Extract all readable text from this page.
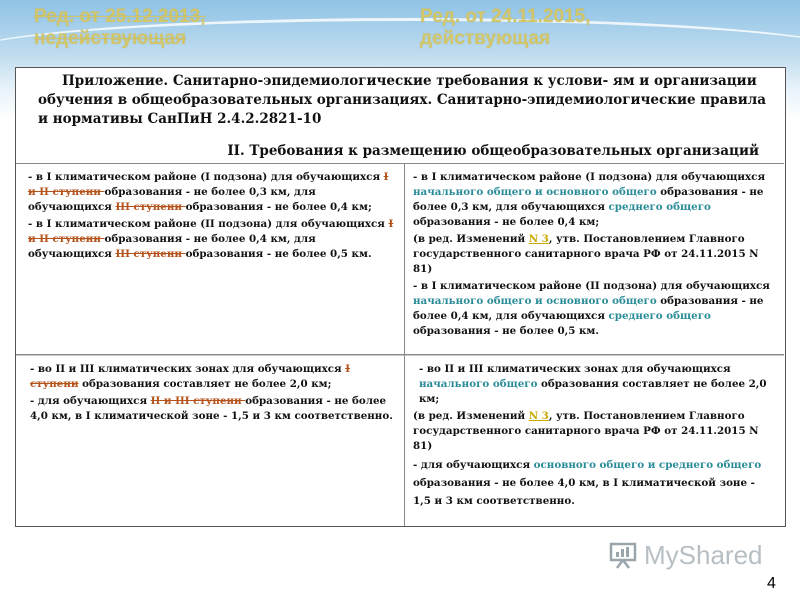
Ред. от 25.12.2013,
недействующая
Ред. от 24.11.2015,
действующая

Приложение. Санитарно-эпидемиологические требования к услови- ям и организации обучения в общеобразовательных организациях. Санитарно-эпидемиологические правила и нормативы СанПиН 2.4.2.2821-10

II. Требования к размещению общеобразовательных организаций

- в I климатическом районе (I подзона) для обучающихся I и II ступени образования - не более 0,3 км, для обучающихся III ступени образования - не более 0,4 км;

- в I климатическом районе (II подзона) для обучающихся I и II ступени образования - не более 0,4 км, для обучающихся III ступени образования - не более 0,5 км.

- в I климатическом районе (I подзона) для обучающихся начального общего и основного общего образования - не более 0,3 км, для обучающихся среднего общего образования - не более 0,4 км;

(в ред. Изменений N 3, утв. Постановлением Главного государственного санитарного врача РФ от 24.11.2015 N 81)

- в I климатическом районе (II подзона) для обучающихся начального общего и основного общего образования - не более 0,4 км, для обучающихся среднего общего образования - не более 0,5 км.

- во II и III климатических зонах для обучающихся I ступени образования составляет не более 2,0 км;

- для обучающихся II и III ступени образования - не более 4,0 км, в I климатической зоне - 1,5 и 3 км соответственно.

- во II и III климатических зонах для обучающихся начального общего образования составляет не более 2,0 км;

(в ред. Изменений N 3, утв. Постановлением Главного государственного санитарного врача РФ от 24.11.2015 N 81)

- для обучающихся основного общего и среднего общего образования - не более 4,0 км, в I климатической зоне - 1,5 и 3 км соответственно.

MyShared
4
